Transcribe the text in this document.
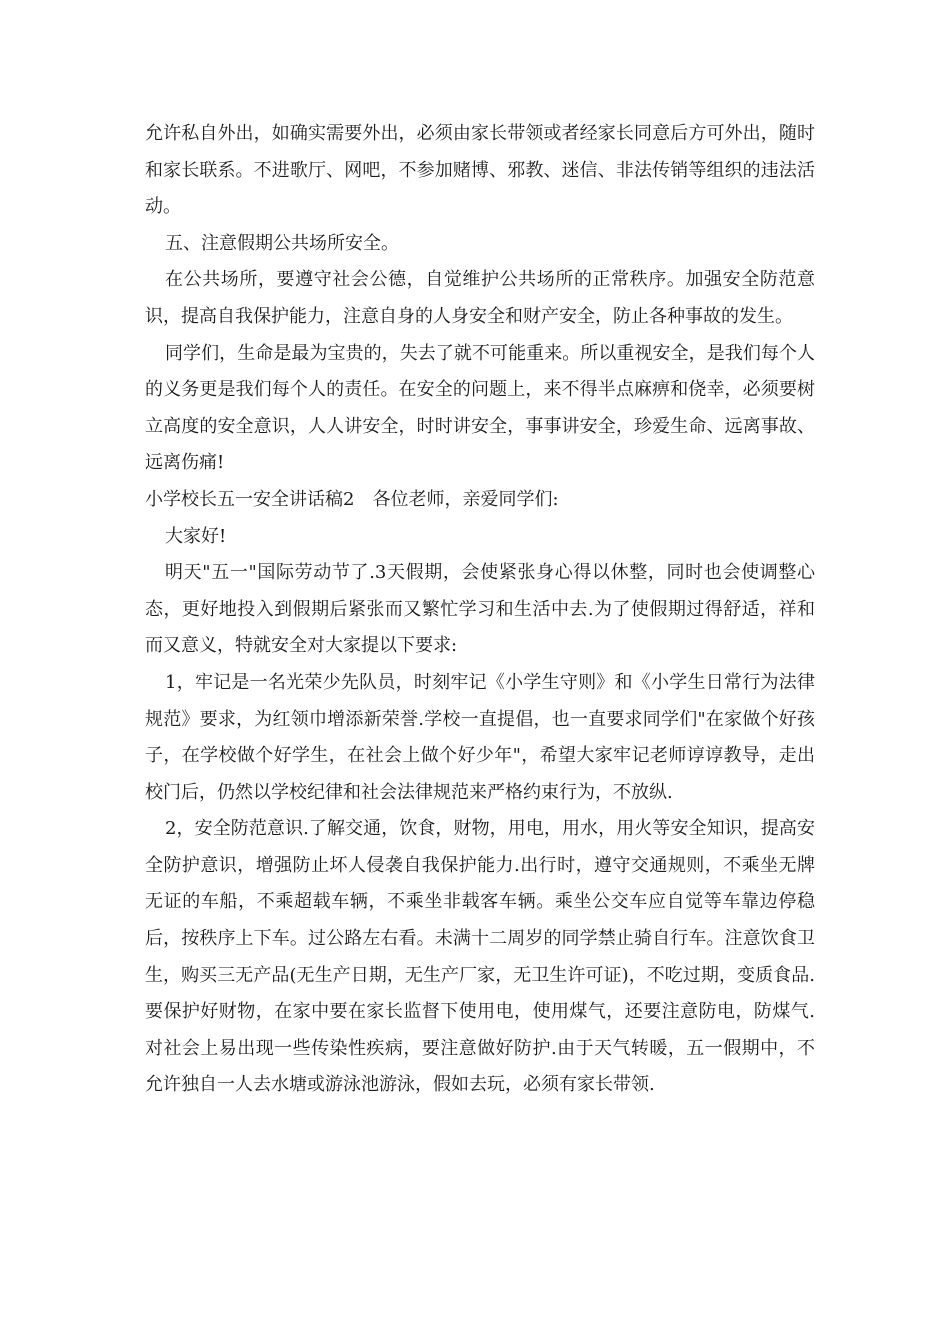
允许私自外出，如确实需要外出，必须由家长带领或者经家长同意后方可外出，随时和家长联系。不进歌厅、网吧，不参加赌博、邪教、迷信、非法传销等组织的违法活动。

五、注意假期公共场所安全。

在公共场所，要遵守社会公德，自觉维护公共场所的正常秩序。加强安全防范意识，提高自我保护能力，注意自身的人身安全和财产安全，防止各种事故的发生。

同学们，生命是最为宝贵的，失去了就不可能重来。所以重视安全，是我们每个人的义务更是我们每个人的责任。在安全的问题上，来不得半点麻痹和侥幸，必须要树立高度的安全意识，人人讲安全，时时讲安全，事事讲安全，珍爱生命、远离事故、远离伤痛!

小学校长五一安全讲话稿2　各位老师，亲爱同学们:

大家好!

明天"五一"国际劳动节了.3天假期，会使紧张身心得以休整，同时也会使调整心态，更好地投入到假期后紧张而又繁忙学习和生活中去.为了使假期过得舒适，祥和而又意义，特就安全对大家提以下要求:

1，牢记是一名光荣少先队员，时刻牢记《小学生守则》和《小学生日常行为法律规范》要求，为红领巾增添新荣誉.学校一直提倡，也一直要求同学们"在家做个好孩子，在学校做个好学生，在社会上做个好少年"，希望大家牢记老师谆谆教导，走出校门后，仍然以学校纪律和社会法律规范来严格约束行为，不放纵.

2，安全防范意识.了解交通，饮食，财物，用电，用水，用火等安全知识，提高安全防护意识，增强防止坏人侵袭自我保护能力.出行时，遵守交通规则，不乘坐无牌无证的车船，不乘超载车辆，不乘坐非载客车辆。乘坐公交车应自觉等车靠边停稳后，按秩序上下车。过公路左右看。未满十二周岁的同学禁止骑自行车。注意饮食卫生，购买三无产品(无生产日期，无生产厂家，无卫生许可证)，不吃过期，变质食品.要保护好财物，在家中要在家长监督下使用电，使用煤气，还要注意防电，防煤气.对社会上易出现一些传染性疾病，要注意做好防护.由于天气转暖，五一假期中，不允许独自一人去水塘或游泳池游泳，假如去玩，必须有家长带领.
